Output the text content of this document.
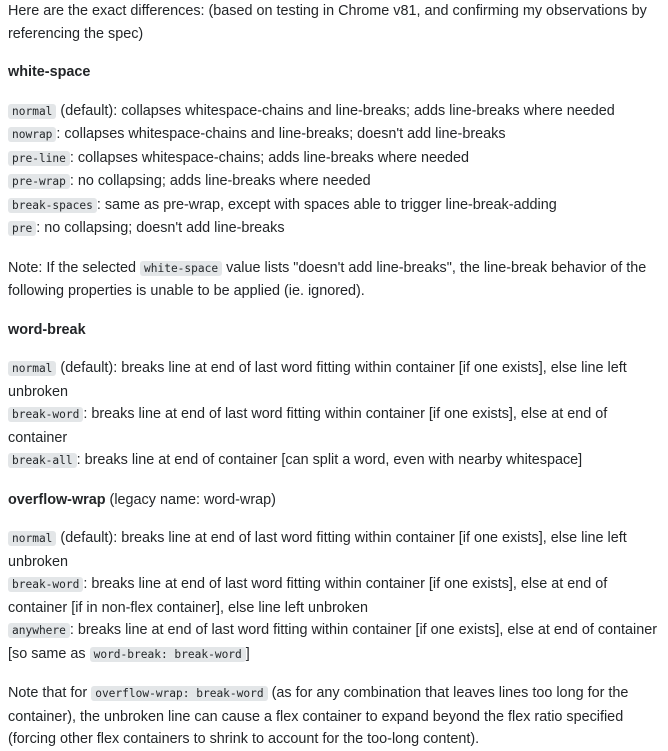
Here are the exact differences: (based on testing in Chrome v81, and confirming my observations by referencing the spec)

white-space

normal (default): collapses whitespace-chains and line-breaks; adds line-breaks where needed

nowrap : collapses whitespace-chains and line-breaks; doesn't add line-breaks

pre-line : collapses whitespace-chains; adds line-breaks where needed

pre-wrap : no collapsing; adds line-breaks where needed

break-spaces : same as pre-wrap, except with spaces able to trigger line-break-adding

pre : no collapsing; doesn't add line-breaks

Note: If the selected white-space value lists "doesn't add line-breaks", the line-break behavior of the following properties is unable to be applied (ie. ignored).

word-break

normal (default): breaks line at end of last word fitting within container [if one exists], else line left unbroken

break-word : breaks line at end of last word fitting within container [if one exists], else at end of container

break-all : breaks line at end of container [can split a word, even with nearby whitespace]

overflow-wrap (legacy name: word-wrap)

normal (default): breaks line at end of last word fitting within container [if one exists], else line left unbroken

break-word : breaks line at end of last word fitting within container [if one exists], else at end of container [if in non-flex container], else line left unbroken

anywhere : breaks line at end of last word fitting within container [if one exists], else at end of container [so same as word-break: break-word ]

Note that for overflow-wrap: break-word (as for any combination that leaves lines too long for the container), the unbroken line can cause a flex container to expand beyond the flex ratio specified (forcing other flex containers to shrink to account for the too-long content).
